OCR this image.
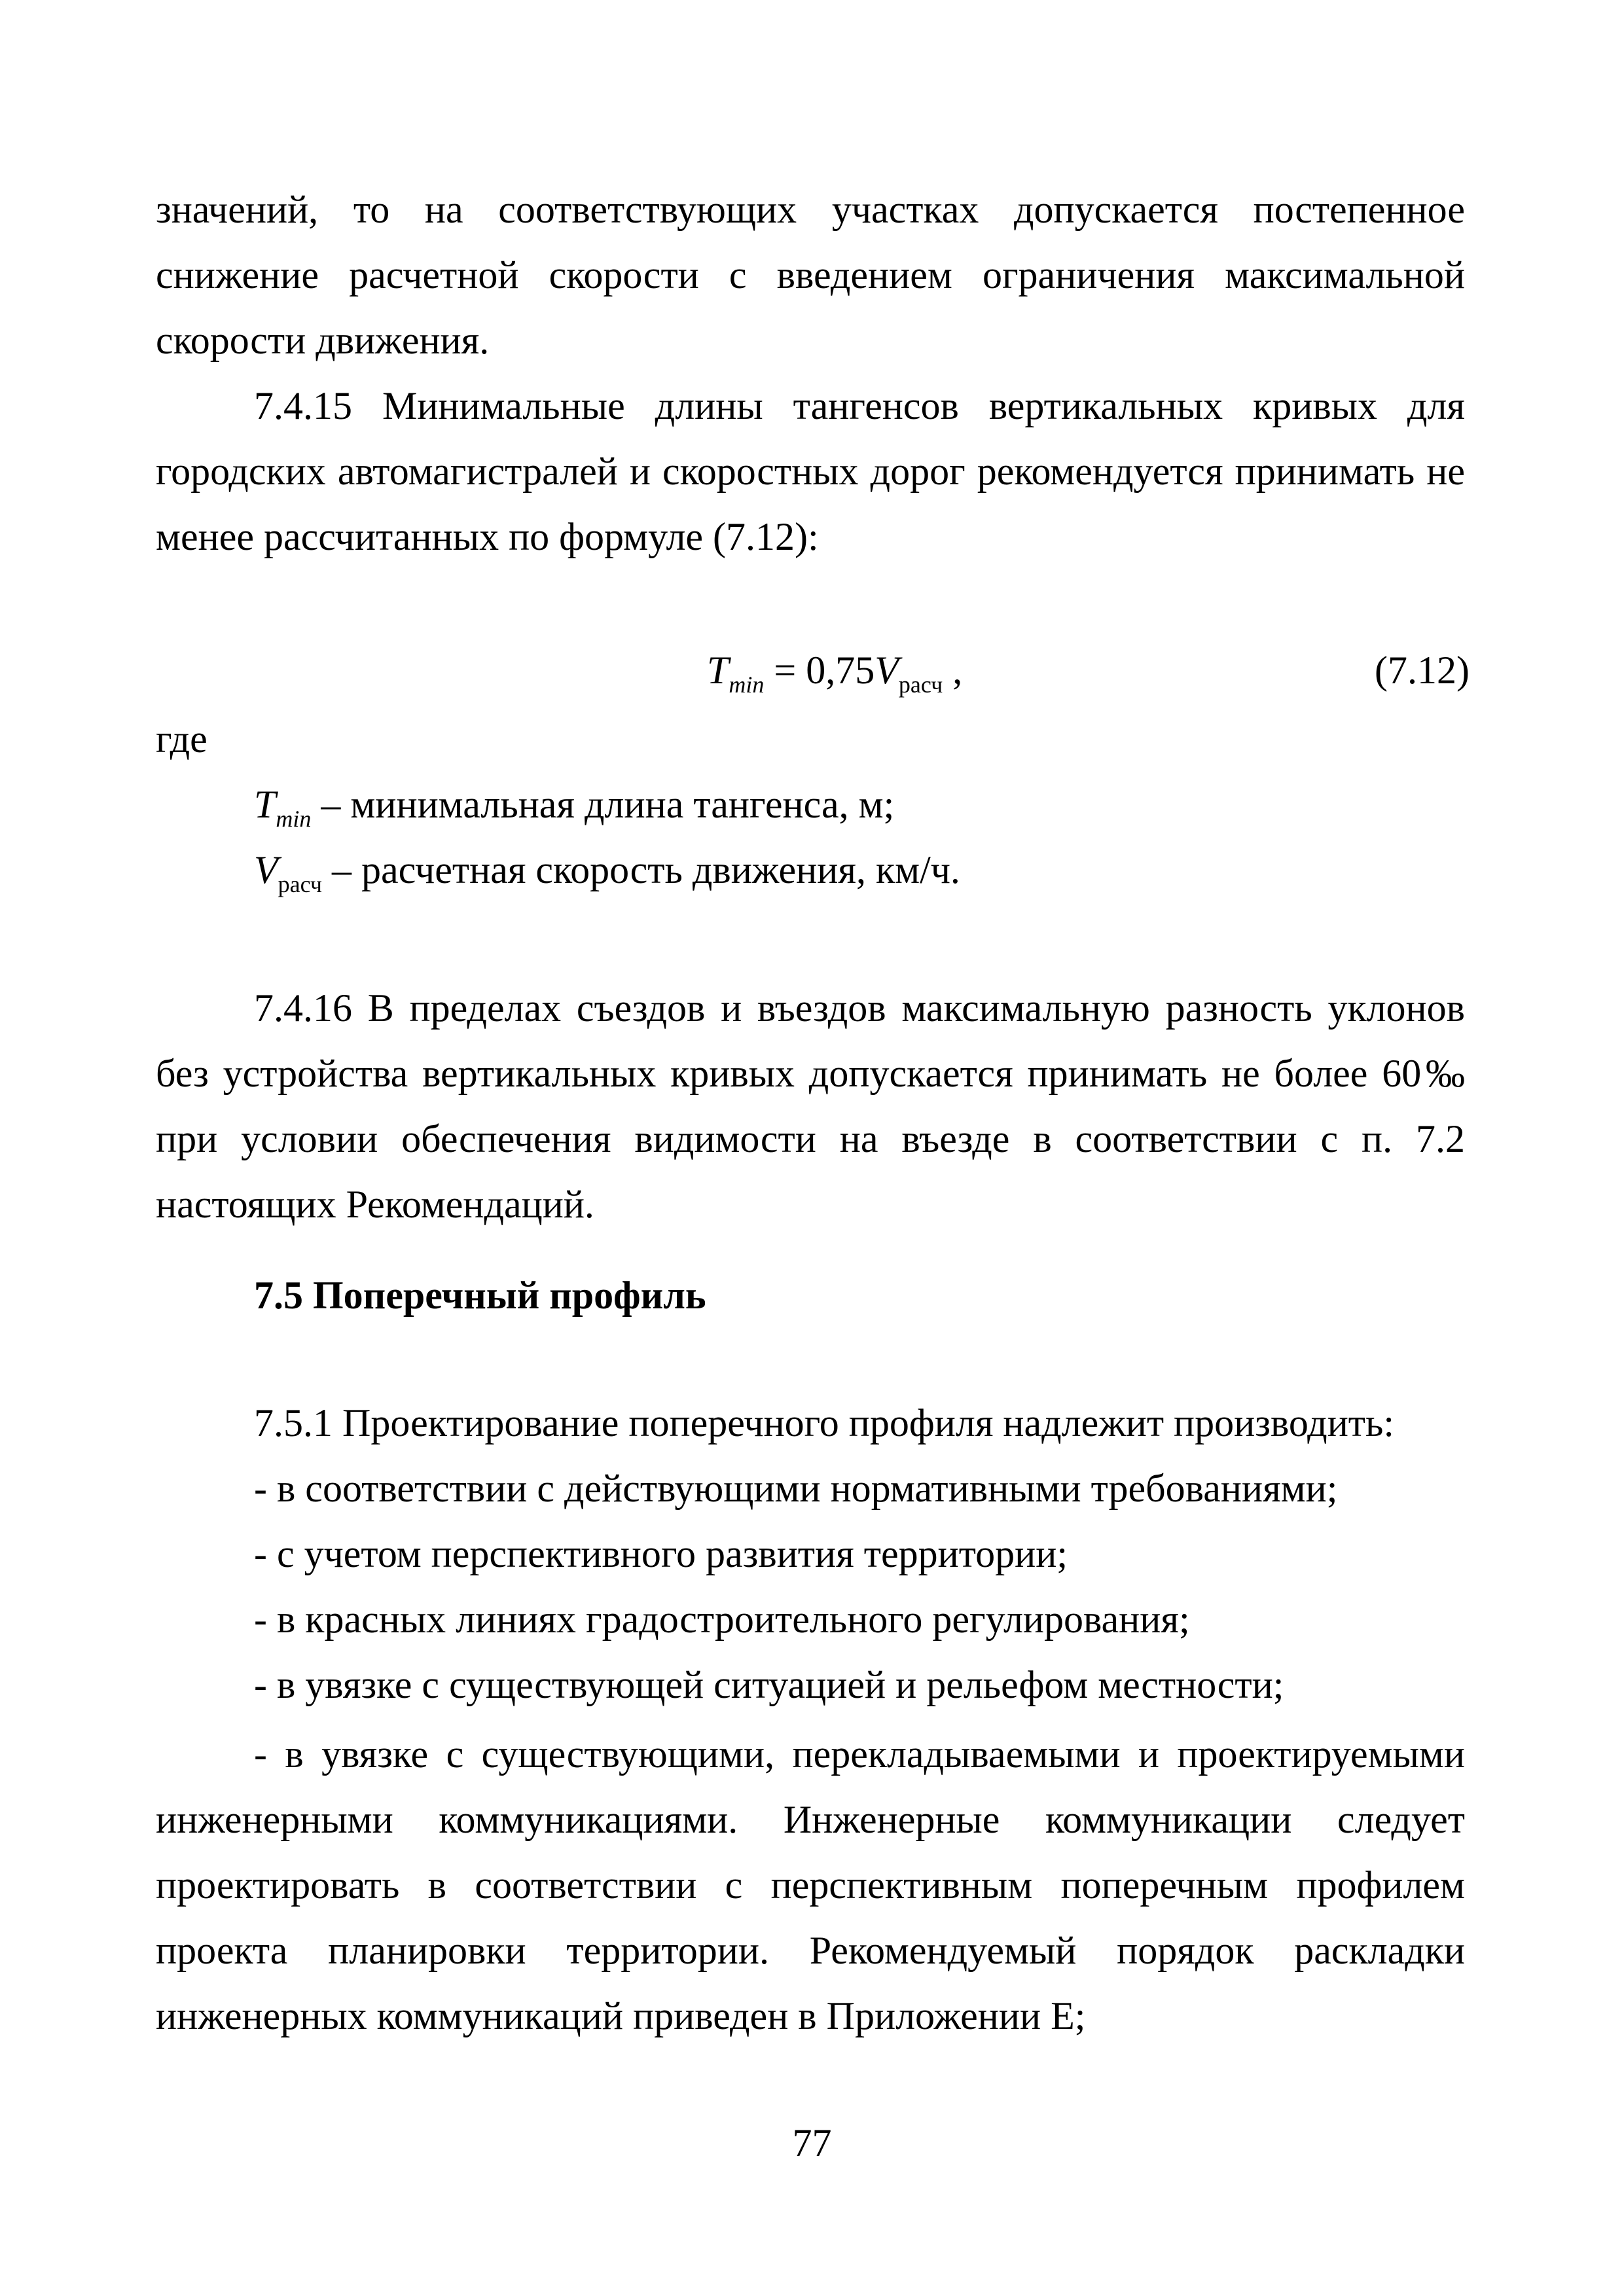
значений, то на соответствующих участках допускается постепенное снижение расчетной скорости с введением ограничения максимальной скорости движения.
7.4.15 Минимальные длины тангенсов вертикальных кривых для городских автомагистралей и скоростных дорог рекомендуется принимать не менее рассчитанных по формуле (7.12):
$T_{min} = 0,75V_{расч}$ ,	(7.12)
где
$T_{min}$ – минимальная длина тангенса, м;
$V_{расч}$ – расчетная скорость движения, км/ч.
7.4.16 В пределах съездов и въездов максимальную разность уклонов без устройства вертикальных кривых допускается принимать не более 60‰ при условии обеспечения видимости на въезде в соответствии с п. 7.2 настоящих Рекомендаций.
7.5 Поперечный профиль
7.5.1 Проектирование поперечного профиля надлежит производить:
- в соответствии с действующими нормативными требованиями;
- с учетом перспективного развития территории;
- в красных линиях градостроительного регулирования;
- в увязке с существующей ситуацией и рельефом местности;
- в увязке с существующими, перекладываемыми и проектируемыми инженерными коммуникациями. Инженерные коммуникации следует проектировать в соответствии с перспективным поперечным профилем проекта планировки территории. Рекомендуемый порядок раскладки инженерных коммуникаций приведен в Приложении Е;
77
